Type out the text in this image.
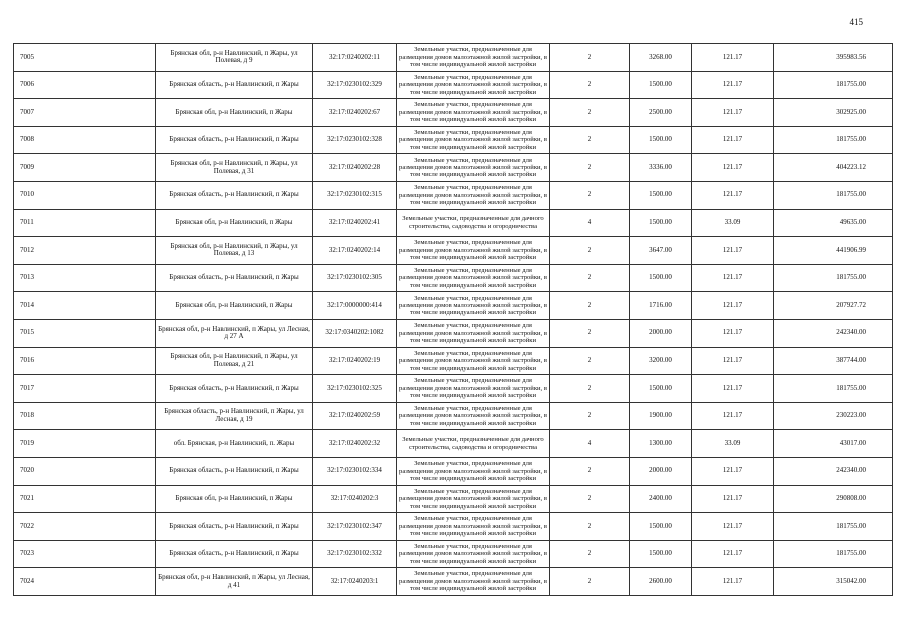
415
7005	Брянская обл, р-н Навлинский, п Жары, ул Полевая, д 9	32:17:0240202:11	Земельные участки, предназначенные для размещения домов малоэтажной жилой застройки, в том числе индивидуальной жилой застройки	2	3268.00	121.17	395983.56
7006	Брянская область, р-н Навлинский, п Жары	32:17:0230102:329	Земельные участки, предназначенные для размещения домов малоэтажной жилой застройки, в том числе индивидуальной жилой застройки	2	1500.00	121.17	181755.00
7007	Брянская обл, р-н Навлинский, п Жары	32:17:0240202:67	Земельные участки, предназначенные для размещения домов малоэтажной жилой застройки, в том числе индивидуальной жилой застройки	2	2500.00	121.17	302925.00
7008	Брянская область, р-н Навлинский, п Жары	32:17:0230102:328	Земельные участки, предназначенные для размещения домов малоэтажной жилой застройки, в том числе индивидуальной жилой застройки	2	1500.00	121.17	181755.00
7009	Брянская обл, р-н Навлинский, п Жары, ул Полевая, д 31	32:17:0240202:28	Земельные участки, предназначенные для размещения домов малоэтажной жилой застройки, в том числе индивидуальной жилой застройки	2	3336.00	121.17	404223.12
7010	Брянская область, р-н Навлинский, п Жары	32:17:0230102:315	Земельные участки, предназначенные для размещения домов малоэтажной жилой застройки, в том числе индивидуальной жилой застройки	2	1500.00	121.17	181755.00
7011	Брянская обл, р-н Навлинский, п Жары	32:17:0240202:41	Земельные участки, предназначенные для дачного строительства, садоводства и огородничества	4	1500.00	33.09	49635.00
7012	Брянская обл, р-н Навлинский, п Жары, ул Полевая, д 13	32:17:0240202:14	Земельные участки, предназначенные для размещения домов малоэтажной жилой застройки, в том числе индивидуальной жилой застройки	2	3647.00	121.17	441906.99
7013	Брянская область, р-н Навлинский, п Жары	32:17:0230102:305	Земельные участки, предназначенные для размещения домов малоэтажной жилой застройки, в том числе индивидуальной жилой застройки	2	1500.00	121.17	181755.00
7014	Брянская обл, р-н Навлинский, п Жары	32:17:0000000:414	Земельные участки, предназначенные для размещения домов малоэтажной жилой застройки, в том числе индивидуальной жилой застройки	2	1716.00	121.17	207927.72
7015	Брянская обл, р-н Навлинский, п Жары, ул Лесная, д 27 А	32:17:0340202:1082	Земельные участки, предназначенные для размещения домов малоэтажной жилой застройки, в том числе индивидуальной жилой застройки	2	2000.00	121.17	242340.00
7016	Брянская обл, р-н Навлинский, п Жары, ул Полевая, д 21	32:17:0240202:19	Земельные участки, предназначенные для размещения домов малоэтажной жилой застройки, в том числе индивидуальной жилой застройки	2	3200.00	121.17	387744.00
7017	Брянская область, р-н Навлинский, п Жары	32:17:0230102:325	Земельные участки, предназначенные для размещения домов малоэтажной жилой застройки, в том числе индивидуальной жилой застройки	2	1500.00	121.17	181755.00
7018	Брянская область, р-н Навлинский, п Жары, ул Лесная, д 19	32:17:0240202:59	Земельные участки, предназначенные для размещения домов малоэтажной жилой застройки, в том числе индивидуальной жилой застройки	2	1900.00	121.17	230223.00
7019	обл. Брянская, р-н Навлинский, п. Жары	32:17:0240202:32	Земельные участки, предназначенные для дачного строительства, садоводства и огородничества	4	1300.00	33.09	43017.00
7020	Брянская область, р-н Навлинский, п Жары	32:17:0230102:334	Земельные участки, предназначенные для размещения домов малоэтажной жилой застройки, в том числе индивидуальной жилой застройки	2	2000.00	121.17	242340.00
7021	Брянская обл, р-н Навлинский, п Жары	32:17:0240202:3	Земельные участки, предназначенные для размещения домов малоэтажной жилой застройки, в том числе индивидуальной жилой застройки	2	2400.00	121.17	290808.00
7022	Брянская область, р-н Навлинский, п Жары	32:17:0230102:347	Земельные участки, предназначенные для размещения домов малоэтажной жилой застройки, в том числе индивидуальной жилой застройки	2	1500.00	121.17	181755.00
7023	Брянская область, р-н Навлинский, п Жары	32:17:0230102:332	Земельные участки, предназначенные для размещения домов малоэтажной жилой застройки, в том числе индивидуальной жилой застройки	2	1500.00	121.17	181755.00
7024	Брянская обл, р-н Навлинский, п Жары, ул Лесная, д 41	32:17:0240203:1	Земельные участки, предназначенные для размещения домов малоэтажной жилой застройки, в том числе индивидуальной жилой застройки	2	2600.00	121.17	315042.00
